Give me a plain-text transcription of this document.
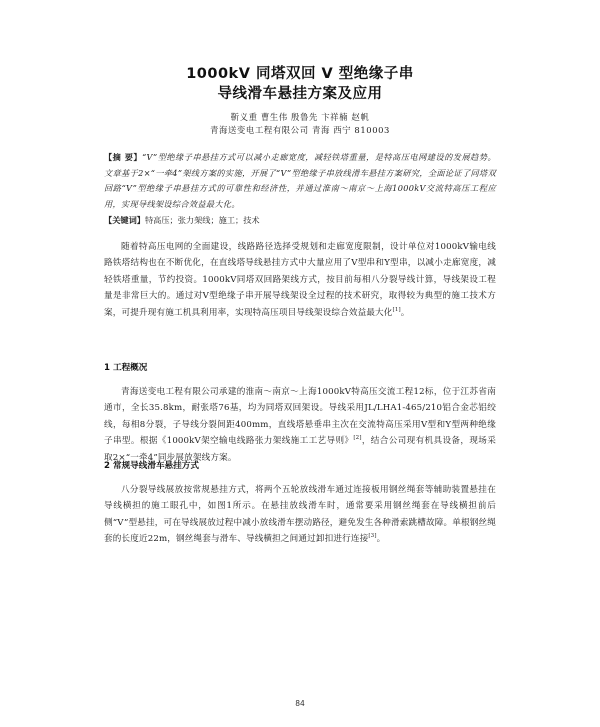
1000kV 同塔双回 V 型绝缘子串
导线滑车悬挂方案及应用
靳义重 曹生伟 殷鲁先 卞祥楠 赵帆
青海送变电工程有限公司 青海 西宁 810003
【摘 要】“V”型绝缘子串悬挂方式可以减小走廊宽度，减轻铁塔重量，是特高压电网建设的发展趋势。文章基于2×“一牵4”架线方案的实施，开展了“V”型绝缘子串放线滑车悬挂方案研究，全面论证了同塔双回路“V”型绝缘子串悬挂方式的可靠性和经济性，并通过淮南～南京～上海1000kV交流特高压工程应用，实现导线架设综合效益最大化。
【关键词】特高压；张力架线；施工；技术
随着特高压电网的全面建设，线路路径选择受规划和走廊宽度限制，设计单位对1000kV输电线路铁塔结构也在不断优化，在直线塔导线悬挂方式中大量应用了V型串和Y型串，以减小走廊宽度，减轻铁塔重量，节约投资。1000kV同塔双回路架线方式，按目前每相八分裂导线计算，导线架设工程量是非常巨大的。通过对V型绝缘子串开展导线架设全过程的技术研究，取得较为典型的施工技术方案，可提升现有施工机具利用率，实现特高压项目导线架设综合效益最大化[1]。
1 工程概况
青海送变电工程有限公司承建的淮南～南京～上海1000kV特高压交流工程12标，位于江苏省南通市，全长35.8km，耐张塔76基，均为同塔双回架设。导线采用JL/LHA1-465/210铝合金芯铝绞线，每相8分裂，子导线分裂间距400mm，直线塔悬垂串主次在交流特高压采用V型和Y型两种绝缘子串型。根据《1000kV架空输电线路张力架线施工工艺导则》[2]，结合公司现有机具设备，现场采取2×“一牵4”同步展放架线方案。
2 常规导线滑车悬挂方式
八分裂导线展放按常规悬挂方式，将两个五轮放线滑车通过连接板用钢丝绳套等辅助装置悬挂在导线横担的施工眼孔中，如图1所示。在悬挂放线滑车时，通常要采用钢丝绳套在导线横担前后侧“V”型悬挂，可在导线展放过程中减小放线滑车摆动路径，避免发生各种滑索跳槽故障。单根钢丝绳套的长度近22m，钢丝绳套与滑车、导线横担之间通过卸扣进行连接[3]。
84
